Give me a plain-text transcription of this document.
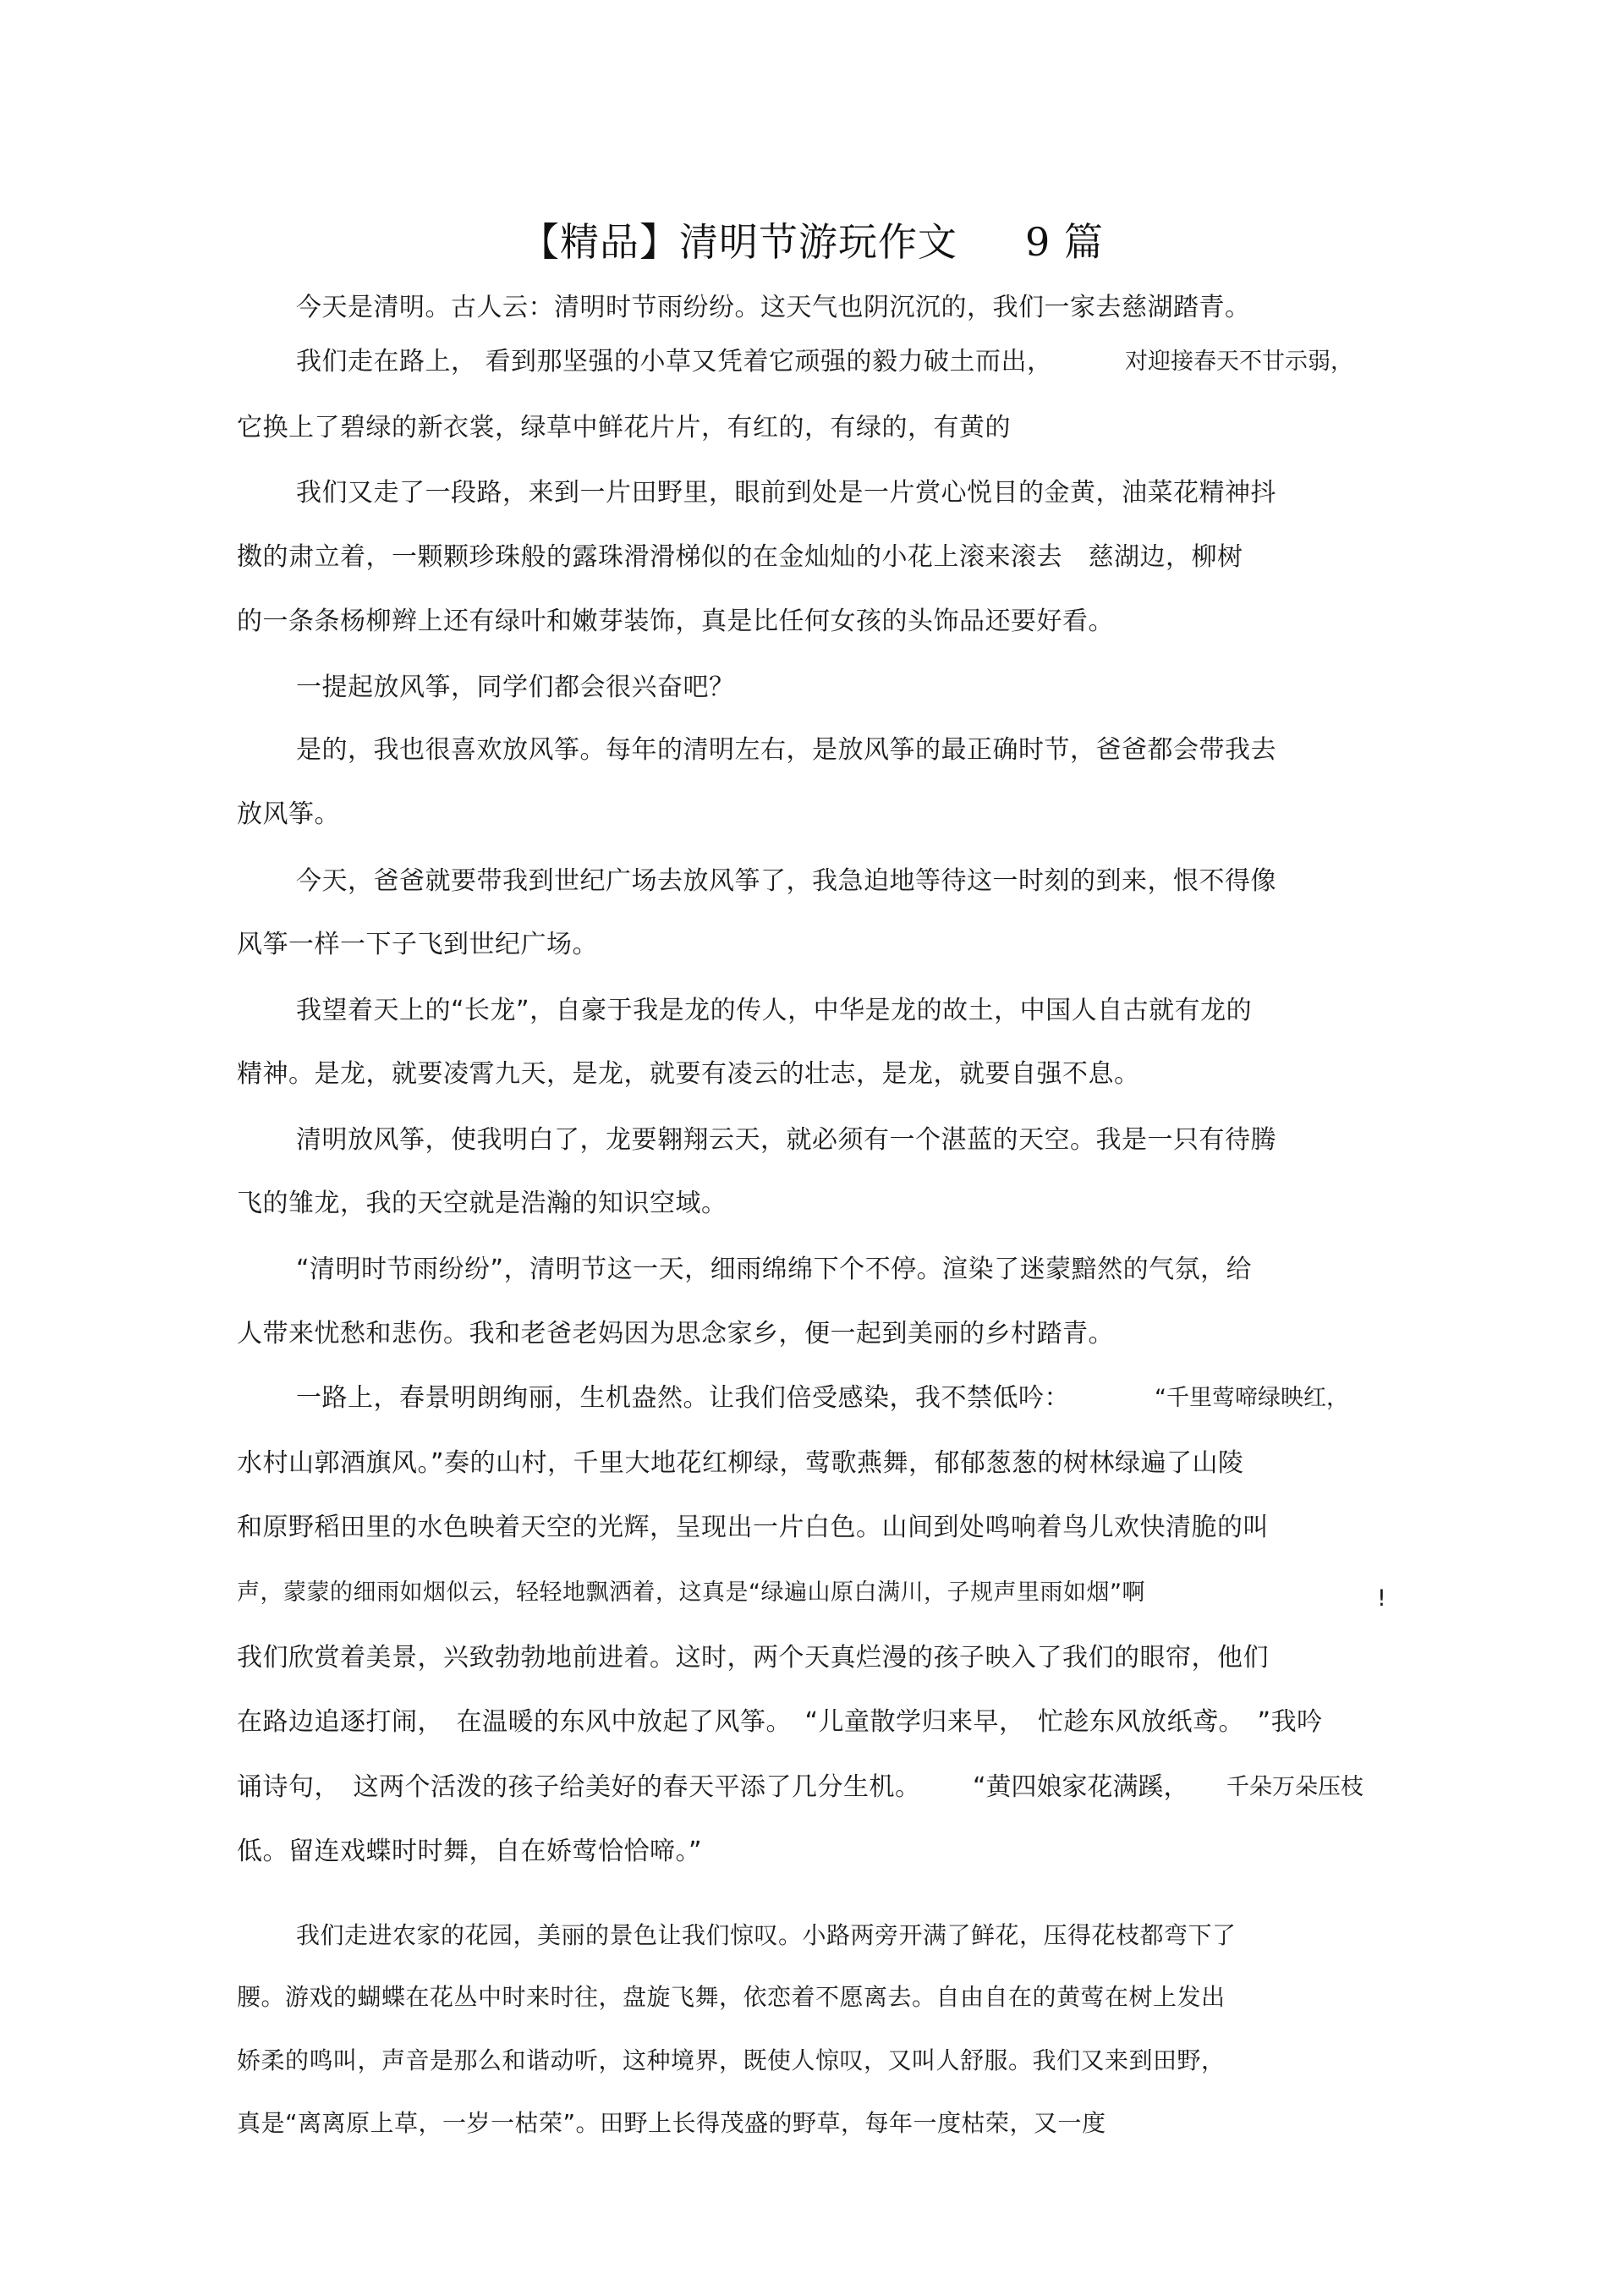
【精品】清明节游玩作文 9 篇
今天是清明。古人云：清明时节雨纷纷。这天气也阴沉沉的，我们一家去慈湖踏青。
我们走在路上， 看到那坚强的小草又凭着它顽强的毅力破土而出，	对迎接春天不甘示弱，
它换上了碧绿的新衣裳，绿草中鲜花片片，有红的，有绿的，有黄的
我们又走了一段路，来到一片田野里，眼前到处是一片赏心悦目的金黄，油菜花精神抖
擞的肃立着，一颗颗珍珠般的露珠滑滑梯似的在金灿灿的小花上滚来滚去　慈湖边，柳树
的一条条杨柳辫上还有绿叶和嫩芽装饰，真是比任何女孩的头饰品还要好看。
一提起放风筝，同学们都会很兴奋吧？
是的，我也很喜欢放风筝。每年的清明左右，是放风筝的最正确时节，爸爸都会带我去
放风筝。
今天，爸爸就要带我到世纪广场去放风筝了，我急迫地等待这一时刻的到来，恨不得像
风筝一样一下子飞到世纪广场。
我望着天上的“长龙”，自豪于我是龙的传人，中华是龙的故土，中国人自古就有龙的
精神。是龙，就要凌霄九天，是龙，就要有凌云的壮志，是龙，就要自强不息。
清明放风筝，使我明白了，龙要翱翔云天，就必须有一个湛蓝的天空。我是一只有待腾
飞的雏龙，我的天空就是浩瀚的知识空域。
“清明时节雨纷纷”，清明节这一天，细雨绵绵下个不停。渲染了迷蒙黯然的气氛，给
人带来忧愁和悲伤。我和老爸老妈因为思念家乡，便一起到美丽的乡村踏青。
一路上，春景明朗绚丽，生机盎然。让我们倍受感染，我不禁低吟：	“千里莺啼绿映红，
水村山郭酒旗风。”奏的山村，千里大地花红柳绿，莺歌燕舞，郁郁葱葱的树林绿遍了山陵
和原野稻田里的水色映着天空的光辉，呈现出一片白色。山间到处鸣响着鸟儿欢快清脆的叫
声，蒙蒙的细雨如烟似云，轻轻地飘洒着，这真是“绿遍山原白满川，子规声里雨如烟”啊	!
我们欣赏着美景，兴致勃勃地前进着。这时，两个天真烂漫的孩子映入了我们的眼帘，他们
在路边追逐打闹，　在温暖的东风中放起了风筝。　“儿童散学归来早，　忙趁东风放纸鸢。　”我吟
诵诗句，　这两个活泼的孩子给美好的春天平添了几分生机。 “黄四娘家花满蹊， 千朵万朵压枝
低。留连戏蝶时时舞，自在娇莺恰恰啼。”
我们走进农家的花园，美丽的景色让我们惊叹。小路两旁开满了鲜花，压得花枝都弯下了
腰。游戏的蝴蝶在花丛中时来时往，盘旋飞舞，依恋着不愿离去。自由自在的黄莺在树上发出
娇柔的鸣叫，声音是那么和谐动听，这种境界，既使人惊叹，又叫人舒服。我们又来到田野，
真是“离离原上草，一岁一枯荣”。田野上长得茂盛的野草，每年一度枯荣，又一度
